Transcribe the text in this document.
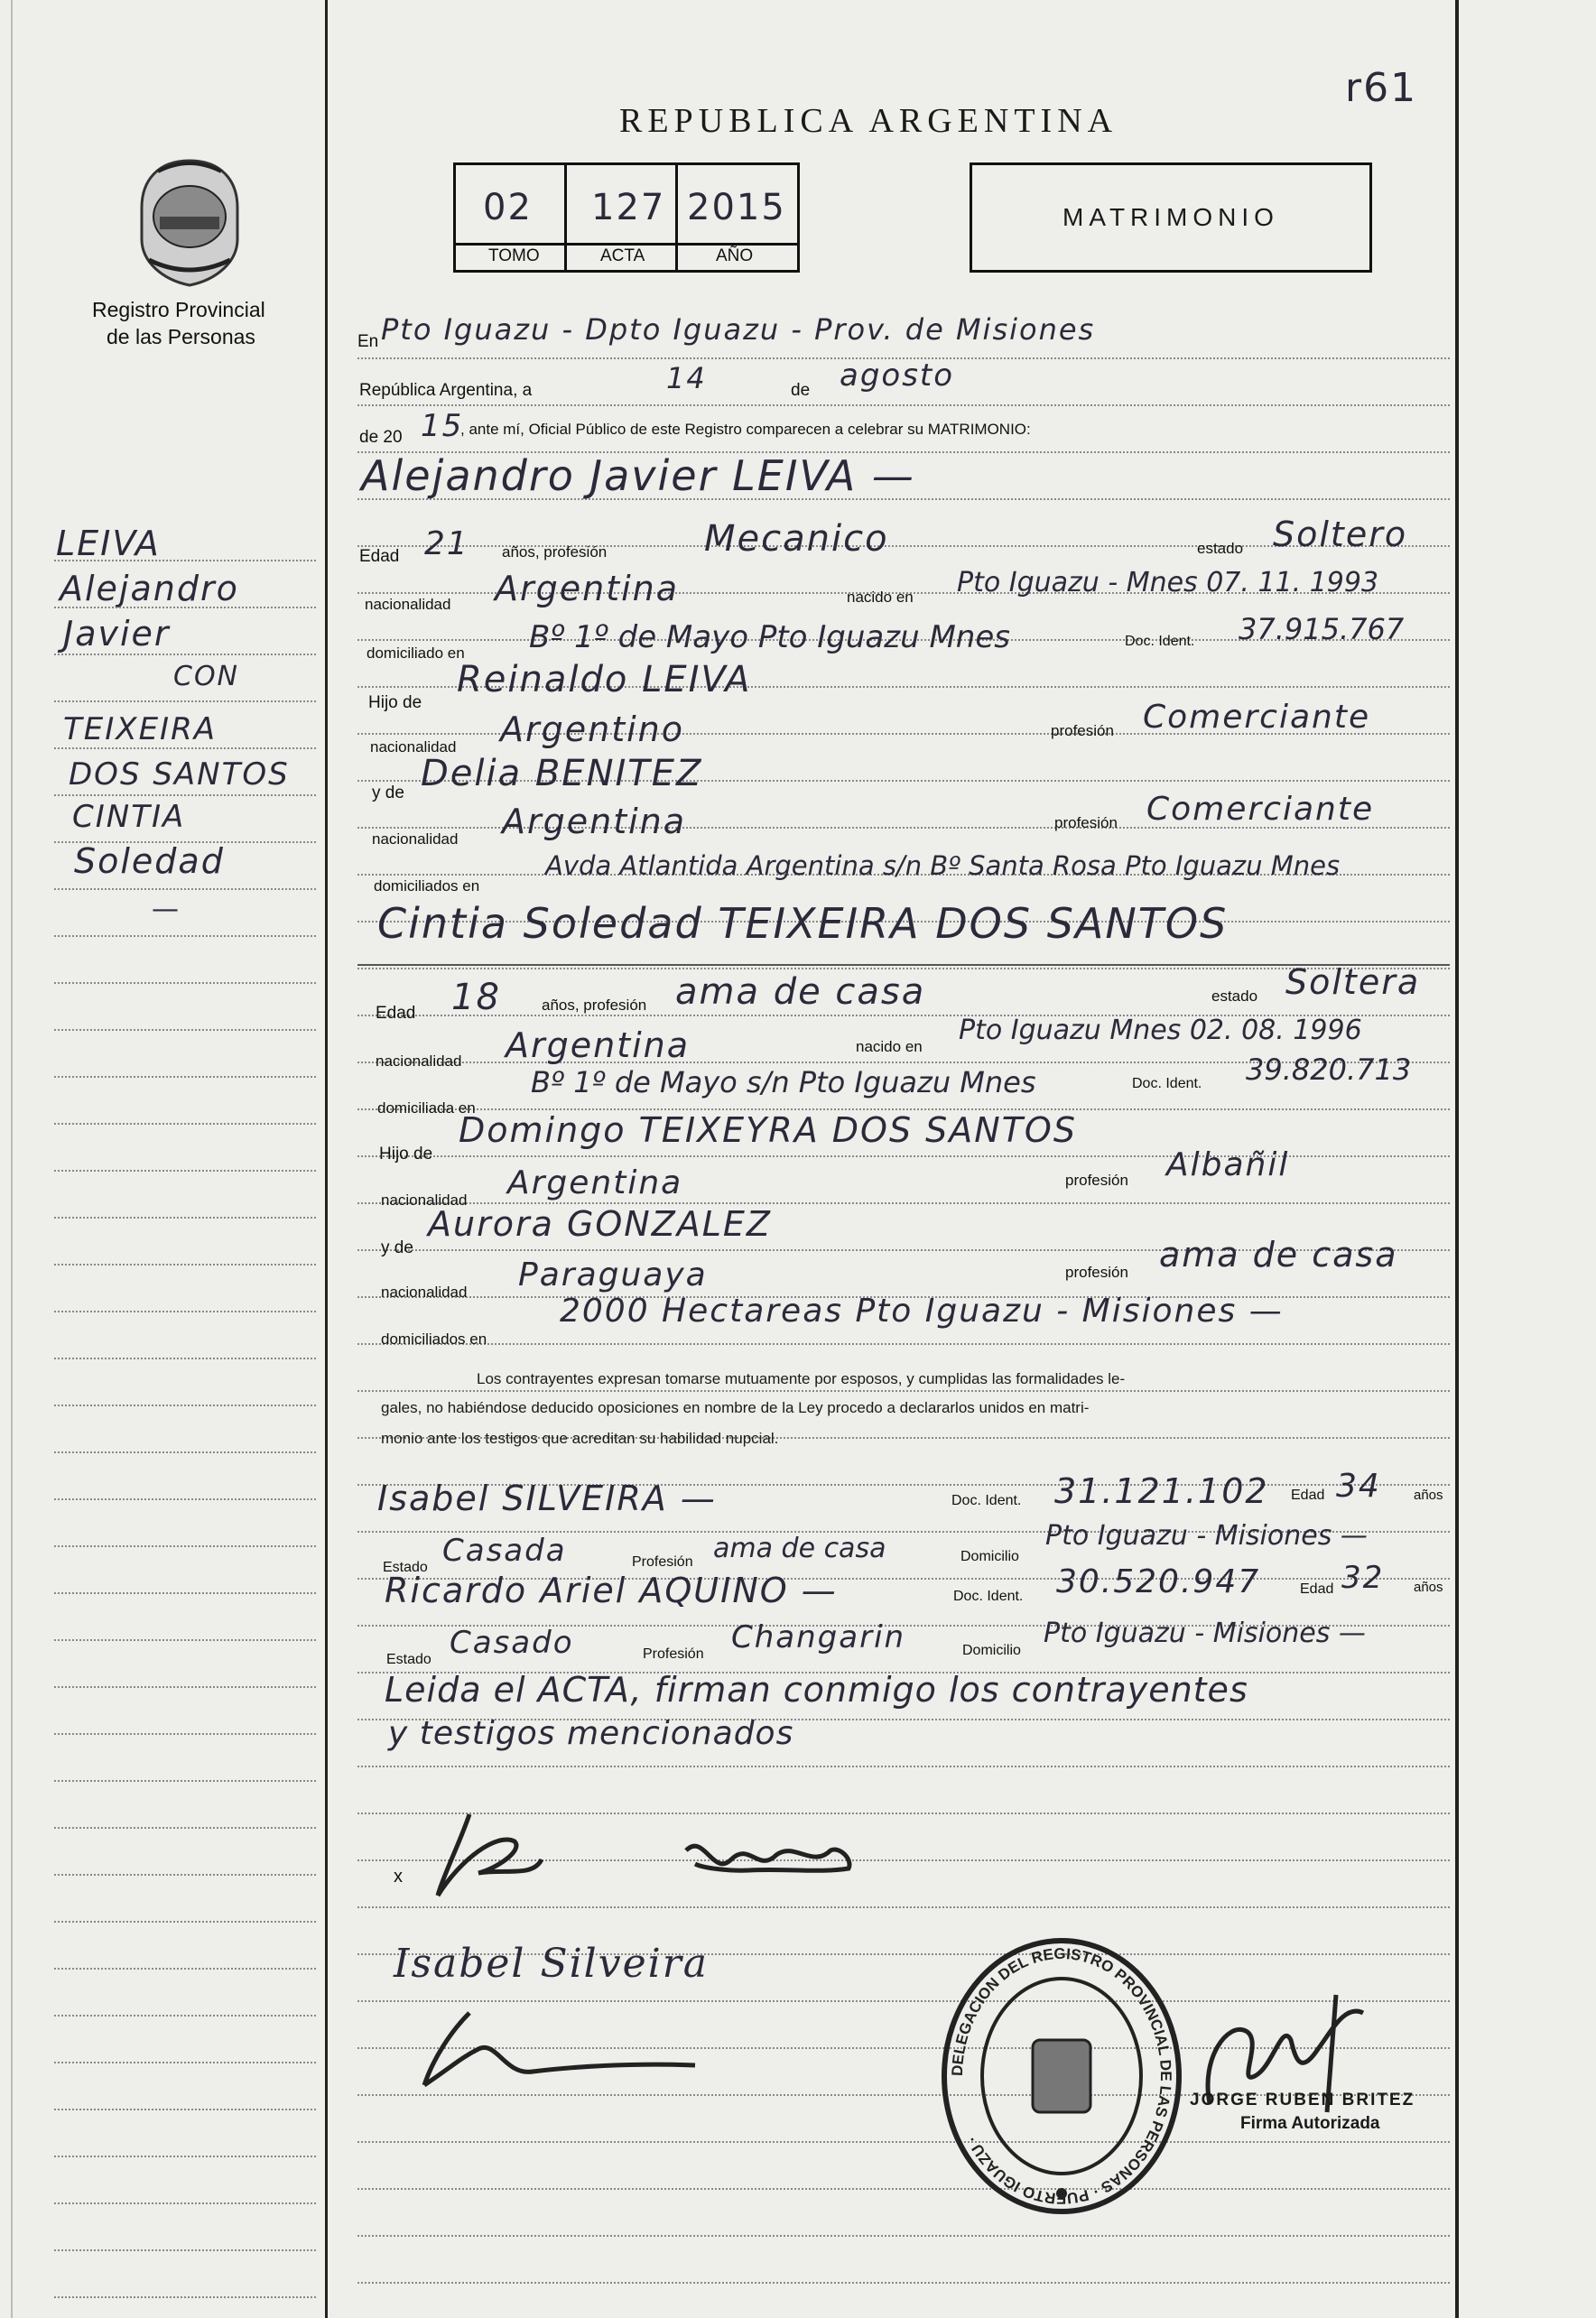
r61
Registro Provincial
de las Personas
REPUBLICA ARGENTINA
02 127 2015
TOMO	ACTA	AÑO
MATRIMONIO
LEIVA
Alejandro
Javier
CON
TEIXEIRA
DOS SANTOS
CINTIA
Soledad
—
En Pto Iguazu - Dpto Iguazu - Prov. de Misiones
República Argentina, a	14	de agosto
de 20 15
, ante mí, Oficial Público de este Registro comparecen a celebrar su MATRIMONIO:
Alejandro Javier LEIVA —
Edad 21 años, profesión	Mecanico	estado Soltero
nacionalidad Argentina	nacido en Pto Iguazu - Mnes 07. 11. 1993
domiciliado en Bº 1º de Mayo Pto Iguazu Mnes	Doc. Ident. 37.915.767
Hijo de
Reinaldo LEIVA
nacionalidad Argentino	profesión Comerciante
y de Delia BENITEZ
nacionalidad Argentina	profesión Comerciante
domiciliados en
Avda Atlantida Argentina s/n Bº Santa Rosa Pto Iguazu Mnes
Cintia Soledad TEIXEIRA DOS SANTOS
Edad 18	años, profesión ama de casa	estado Soltera
nacionalidad Argentina	nacido en
Pto Iguazu Mnes 02. 08. 1996
domiciliada en
Bº 1º de Mayo s/n Pto Iguazu Mnes	Doc. Ident. 39.820.713
Hijo de
Domingo TEIXEYRA DOS SANTOS
nacionalidad Argentina	profesión Albañil
y de
Aurora GONZALEZ
nacionalidad Paraguaya	profesión ama de casa
domiciliados en
2000 Hectareas Pto Iguazu - Misiones —
Los contrayentes expresan tomarse mutuamente por esposos, y cumplidas las formalidades le-
gales, no habiéndose deducido oposiciones en nombre de la Ley procedo a declararlos unidos en matri-
monio ante los testigos que acreditan su habilidad nupcial.
Isabel SILVEIRA —	Doc. Ident. 31.121.102 Edad 34 años
Estado Casada	Profesión ama de casa	Domicilio
Pto Iguazu - Misiones —
Ricardo Ariel AQUINO —	Doc. Ident. 30.520.947	Edad 32 años
Estado Casado	Profesión Changarin	Domicilio
Pto Iguazu - Misiones —
Leida el ACTA, firman conmigo los contrayentes
y testigos mencionados
x
Isabel Silveira
DELEGACION DEL REGISTRO PROVINCIAL DE LAS PERSONAS · PUERTO IGUAZU ·
JORGE RUBEN BRITEZ
Firma Autorizada
